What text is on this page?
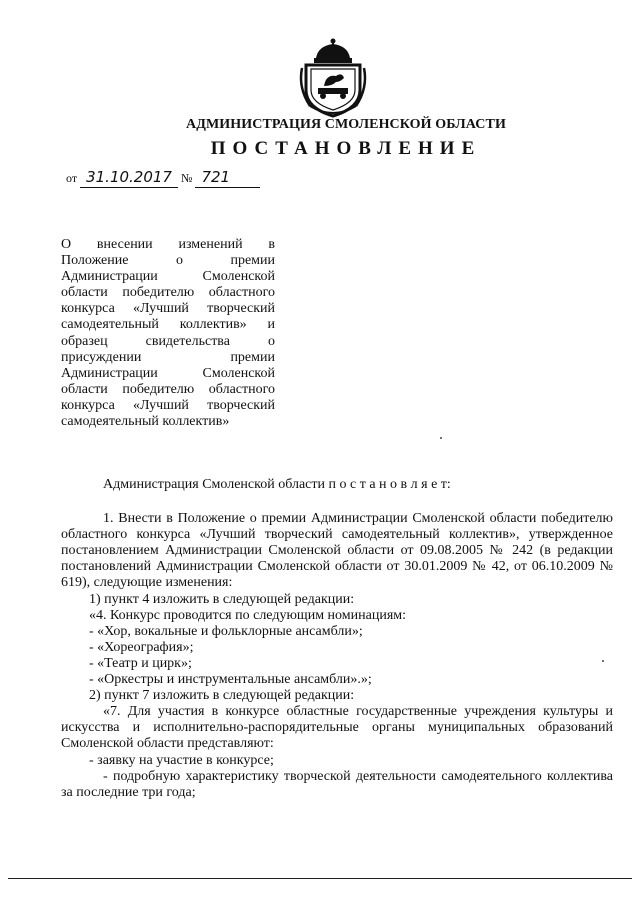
АДМИНИСТРАЦИЯ СМОЛЕНСКОЙ ОБЛАСТИ
ПОСТАНОВЛЕНИЕ
от 31.10.2017 № 721

О внесении изменений в

Положение о премии

Администрации Смоленской

области победителю областного

конкурса «Лучший творческий

самодеятельный коллектив» и

образец свидетельства о

присуждении премии

Администрации Смоленской

области победителю областного

конкурса «Лучший творческий

самодеятельный коллектив»

Администрация Смоленской области п о с т а н о в л я е т:

1. Внести в Положение о премии Администрации Смоленской области победителю областного конкурса «Лучший творческий самодеятельный коллектив», утвержденное постановлением Администрации Смоленской области от 09.08.2005 № 242 (в редакции постановлений Администрации Смоленской области от 30.01.2009 № 42, от 06.10.2009 № 619), следующие изменения:

1) пункт 4 изложить в следующей редакции:

«4. Конкурс проводится по следующим номинациям:

- «Хор, вокальные и фольклорные ансамбли»;

- «Хореография»;

- «Театр и цирк»;

- «Оркестры и инструментальные ансамбли».»;

2) пункт 7 изложить в следующей редакции:

«7. Для участия в конкурсе областные государственные учреждения культуры и искусства и исполнительно-распорядительные органы муниципальных образований Смоленской области представляют:

- заявку на участие в конкурсе;

- подробную характеристику творческой деятельности самодеятельного коллектива за последние три года;
